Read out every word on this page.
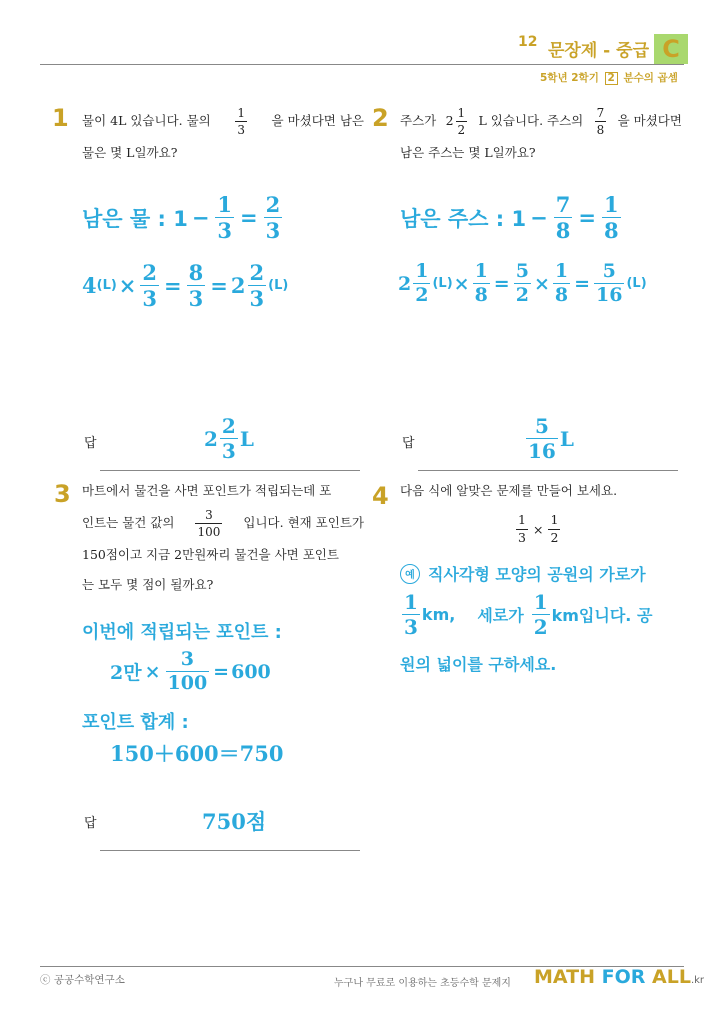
12 문장제 - 중급 C
5학년 2학기 2 분수의 곱셈
1 물이 4L 있습니다. 물의 $\frac{1}{3}$ 을 마셨다면 남은
물은 몇 L일까요?
남은 물 : $1 - \frac{1}{3} = \frac{2}{3}$
4 $(L) \times \frac{2}{3} = \frac{8}{3} = 2 \frac{2}{3} (L)$
답	$2 \frac{2}{3}$ L
2 주스가 $2 \frac{1}{2}$ L 있습니다. 주스의 $\frac{7}{8}$ 을 마셨다면
남은 주스는 몇 L일까요?
남은 주스 : $1 - \frac{7}{8} = \frac{1}{8}$
$2 \frac{1}{2} (L) \times \frac{1}{8} = \frac{5}{2} \times \frac{1}{8} = \frac{5}{16} (L)$
답	$\frac{5}{16}$ L
3 마트에서 물건을 사면 포인트가 적립되는데 포
인트는 물건 값의 $\frac{3}{100}$ 입니다. 현재 포인트가
150점이고 지금 2만원짜리 물건을 사면 포인트
는 모두 몇 점이 될까요?
이번에 적립되는 포인트 :
2만 × $\frac{3}{100} = 600$
포인트 합계 :
150＋600＝750
답	750점
4 다음 식에 알맞은 문제를 만들어 보세요.
$\frac{1}{3} \times \frac{1}{2}$
예 직사각형 모양의 공원의 가로가
$\frac{1}{3}$ km, 세로가 $\frac{1}{2}$ km입니다. 공
원의 넓이를 구하세요.
ⓒ 공공수학연구소	누구나 무료로 이용하는 초등수학 문제지 MATH FOR ALL.kr
